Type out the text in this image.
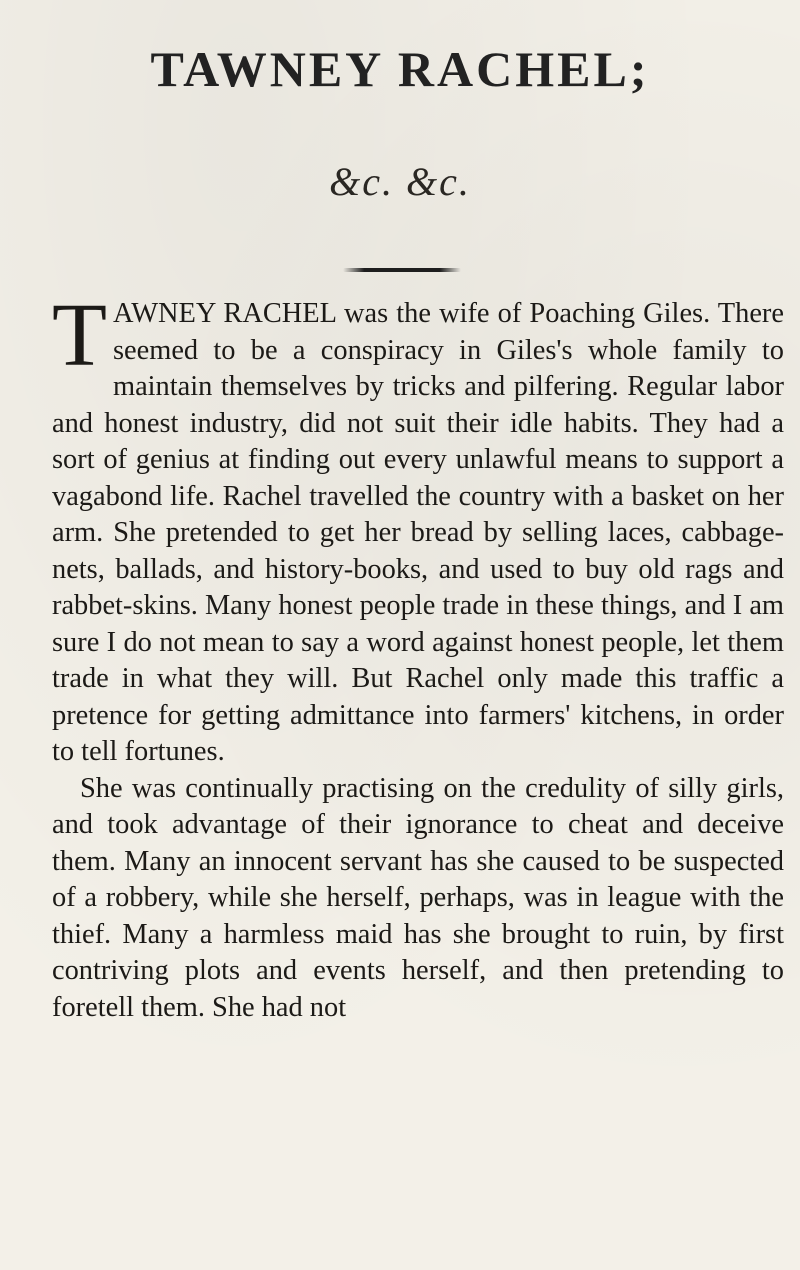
TAWNEY RACHEL;
&c. &c.

TAWNEY RACHEL was the wife of Poaching Giles. There seemed to be a conspiracy in Giles's whole family to maintain themselves by tricks and pilfering. Regular labor and honest industry, did not suit their idle habits. They had a sort of genius at finding out every unlawful means to support a vagabond life. Rachel travelled the country with a basket on her arm. She pretended to get her bread by selling laces, cabbage-nets, ballads, and history-books, and used to buy old rags and rabbet-skins. Many honest people trade in these things, and I am sure I do not mean to say a word against honest people, let them trade in what they will. But Rachel only made this traffic a pretence for getting admittance into farmers' kitchens, in order to tell fortunes.

She was continually practising on the credulity of silly girls, and took advantage of their ignorance to cheat and deceive them. Many an innocent servant has she caused to be suspected of a robbery, while she herself, perhaps, was in league with the thief. Many a harmless maid has she brought to ruin, by first contriving plots and events herself, and then pretending to foretell them. She had not
